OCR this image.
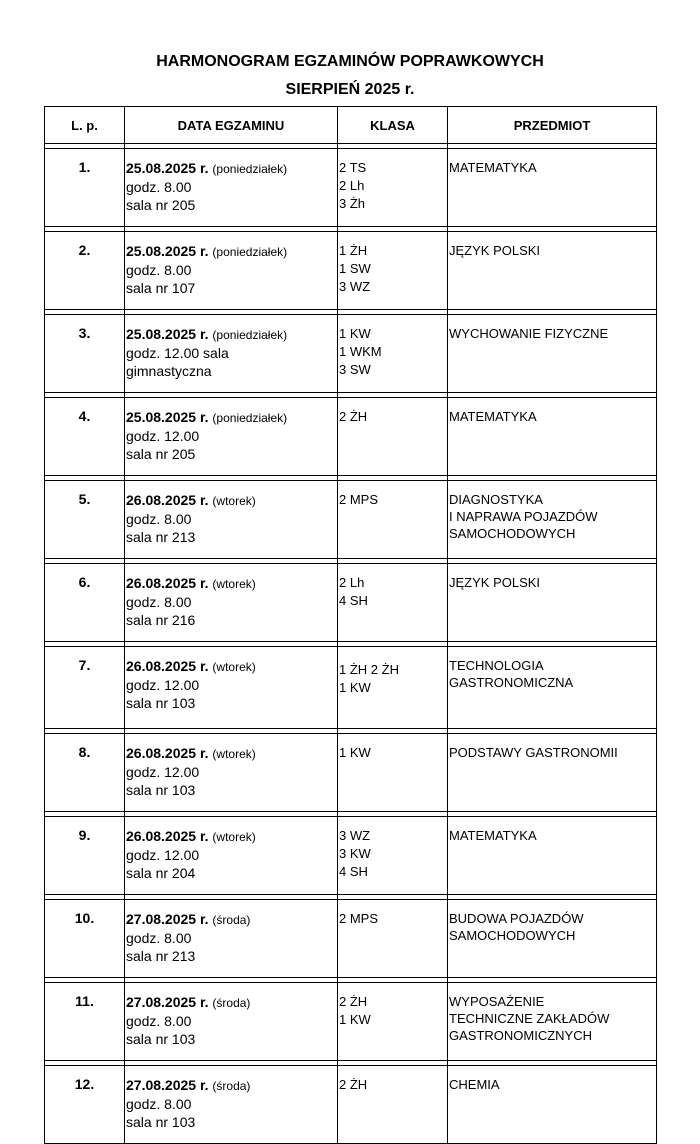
HARMONOGRAM EGZAMINÓW POPRAWKOWYCH
SIERPIEŃ 2025 r.
L. p.	DATA EGZAMINU	KLASA	PRZEDMIOT

1.	25.08.2025 r. (poniedziałek)
godz. 8.00
sala nr 205	2 TS
2 Lh
3 Żh	MATEMATYKA

2.	25.08.2025 r. (poniedziałek)
godz. 8.00
sala nr 107	1 ŻH
1 SW
3 WZ	JĘZYK POLSKI

3.	25.08.2025 r. (poniedziałek)
godz. 12.00 sala
gimnastyczna	1 KW
1 WKM
3 SW	WYCHOWANIE FIZYCZNE

4.	25.08.2025 r. (poniedziałek)
godz. 12.00
sala nr 205	2 ŻH	MATEMATYKA

5.	26.08.2025 r. (wtorek)
godz. 8.00
sala nr 213	2 MPS	DIAGNOSTYKA
I NAPRAWA POJAZDÓW
SAMOCHODOWYCH

6.	26.08.2025 r. (wtorek)
godz. 8.00
sala nr 216	2 Lh
4 SH	JĘZYK POLSKI

7.	26.08.2025 r. (wtorek)
godz. 12.00
sala nr 103	1 ŻH 2 ŻH
1 KW	TECHNOLOGIA
GASTRONOMICZNA

8.	26.08.2025 r. (wtorek)
godz. 12.00
sala nr 103	1 KW	PODSTAWY GASTRONOMII

9.	26.08.2025 r. (wtorek)
godz. 12.00
sala nr 204	3 WZ
3 KW
4 SH	MATEMATYKA

10.	27.08.2025 r. (środa)
godz. 8.00
sala nr 213	2 MPS	BUDOWA POJAZDÓW
SAMOCHODOWYCH

11.	27.08.2025 r. (środa)
godz. 8.00
sala nr 103	2 ŻH
1 KW	WYPOSAŻENIE
TECHNICZNE ZAKŁADÓW
GASTRONOMICZNYCH

12.	27.08.2025 r. (środa)
godz. 8.00
sala nr 103	2 ŻH	CHEMIA
